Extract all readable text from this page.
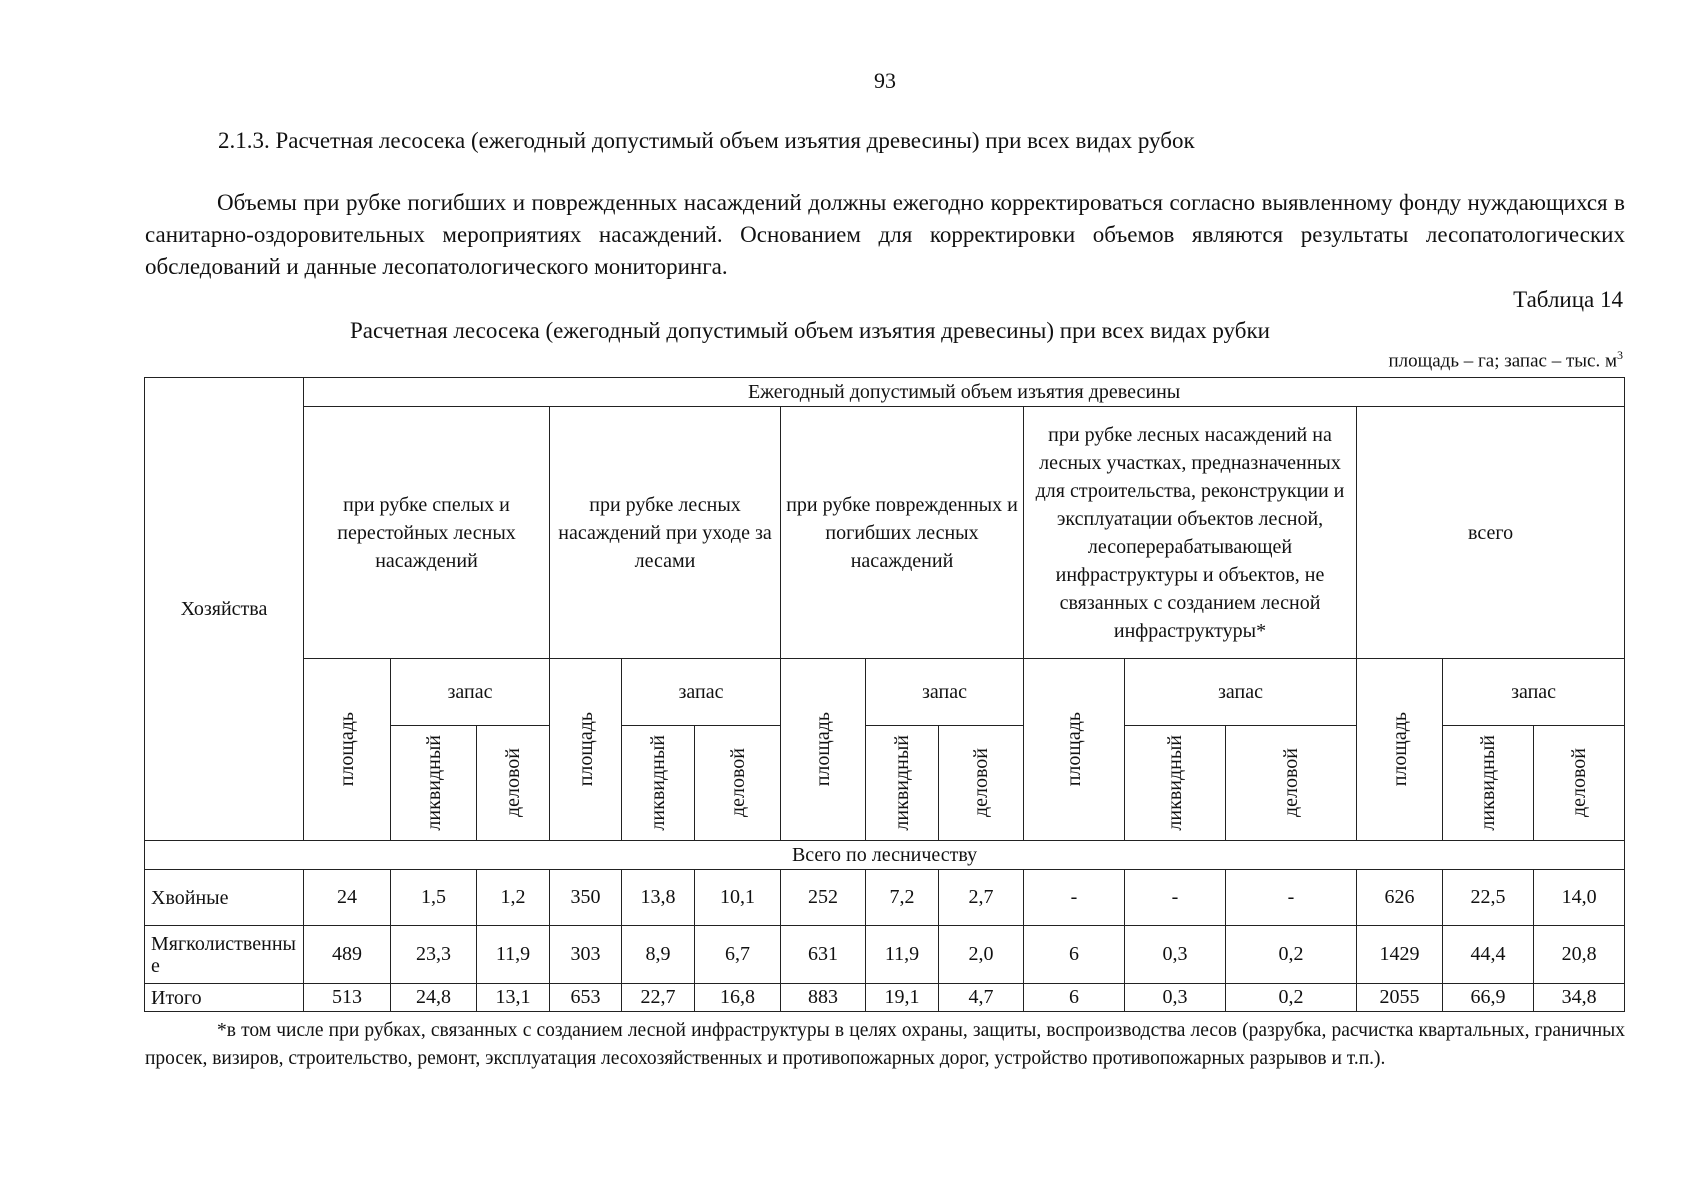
93
2.1.3. Расчетная лесосека (ежегодный допустимый объем изъятия древесины) при всех видах рубок

Объемы при рубке погибших и поврежденных насаждений должны ежегодно корректироваться согласно выявленному фонду нуждающихся в санитарно-оздоровительных мероприятиях насаждений. Основанием для корректировки объемов являются результаты лесопатологических обследований и данные лесопатологического мониторинга.

Таблица 14
Расчетная лесосека (ежегодный допустимый объем изъятия древесины) при всех видах рубки
площадь – га; запас – тыс. $м^3$
Хозяйства	Ежегодный допустимый объем изъятия древесины														
	при рубке спелых и перестойных лесных насаждений			при рубке лесных насаждений при уходе за лесами			при рубке поврежденных и погибших лесных насаждений			при рубке лесных насаждений на лесных участках, предназначенных для строительства, реконструкции и эксплуатации объектов лесной, лесоперерабатывающей инфраструктуры и объектов, не связанных с созданием лесной инфраструктуры*			всего		

	площадь	запас		площадь	запас		площадь	запас		площадь	запас		площадь	запас	

		ликвидный	деловой		ликвидный	деловой		ликвидный	деловой		ликвидный	деловой		ликвидный	деловой

Всего по лесничеству															
Хвойные	24	1,5	1,2	350	13,8	10,1	252	7,2	2,7	-	-	-	626	22,5	14,0
Мягколиственные	489	23,3	11,9	303	8,9	6,7	631	11,9	2,0	6	0,3	0,2	1429	44,4	20,8
Итого	513	24,8	13,1	653	22,7	16,8	883	19,1	4,7	6	0,3	0,2	2055	66,9	34,8

*в том числе при рубках, связанных с созданием лесной инфраструктуры в целях охраны, защиты, воспроизводства лесов (разрубка, расчистка квартальных, граничных просек, визиров, строительство, ремонт, эксплуатация лесохозяйственных и противопожарных дорог, устройство противопожарных разрывов и т.п.).
